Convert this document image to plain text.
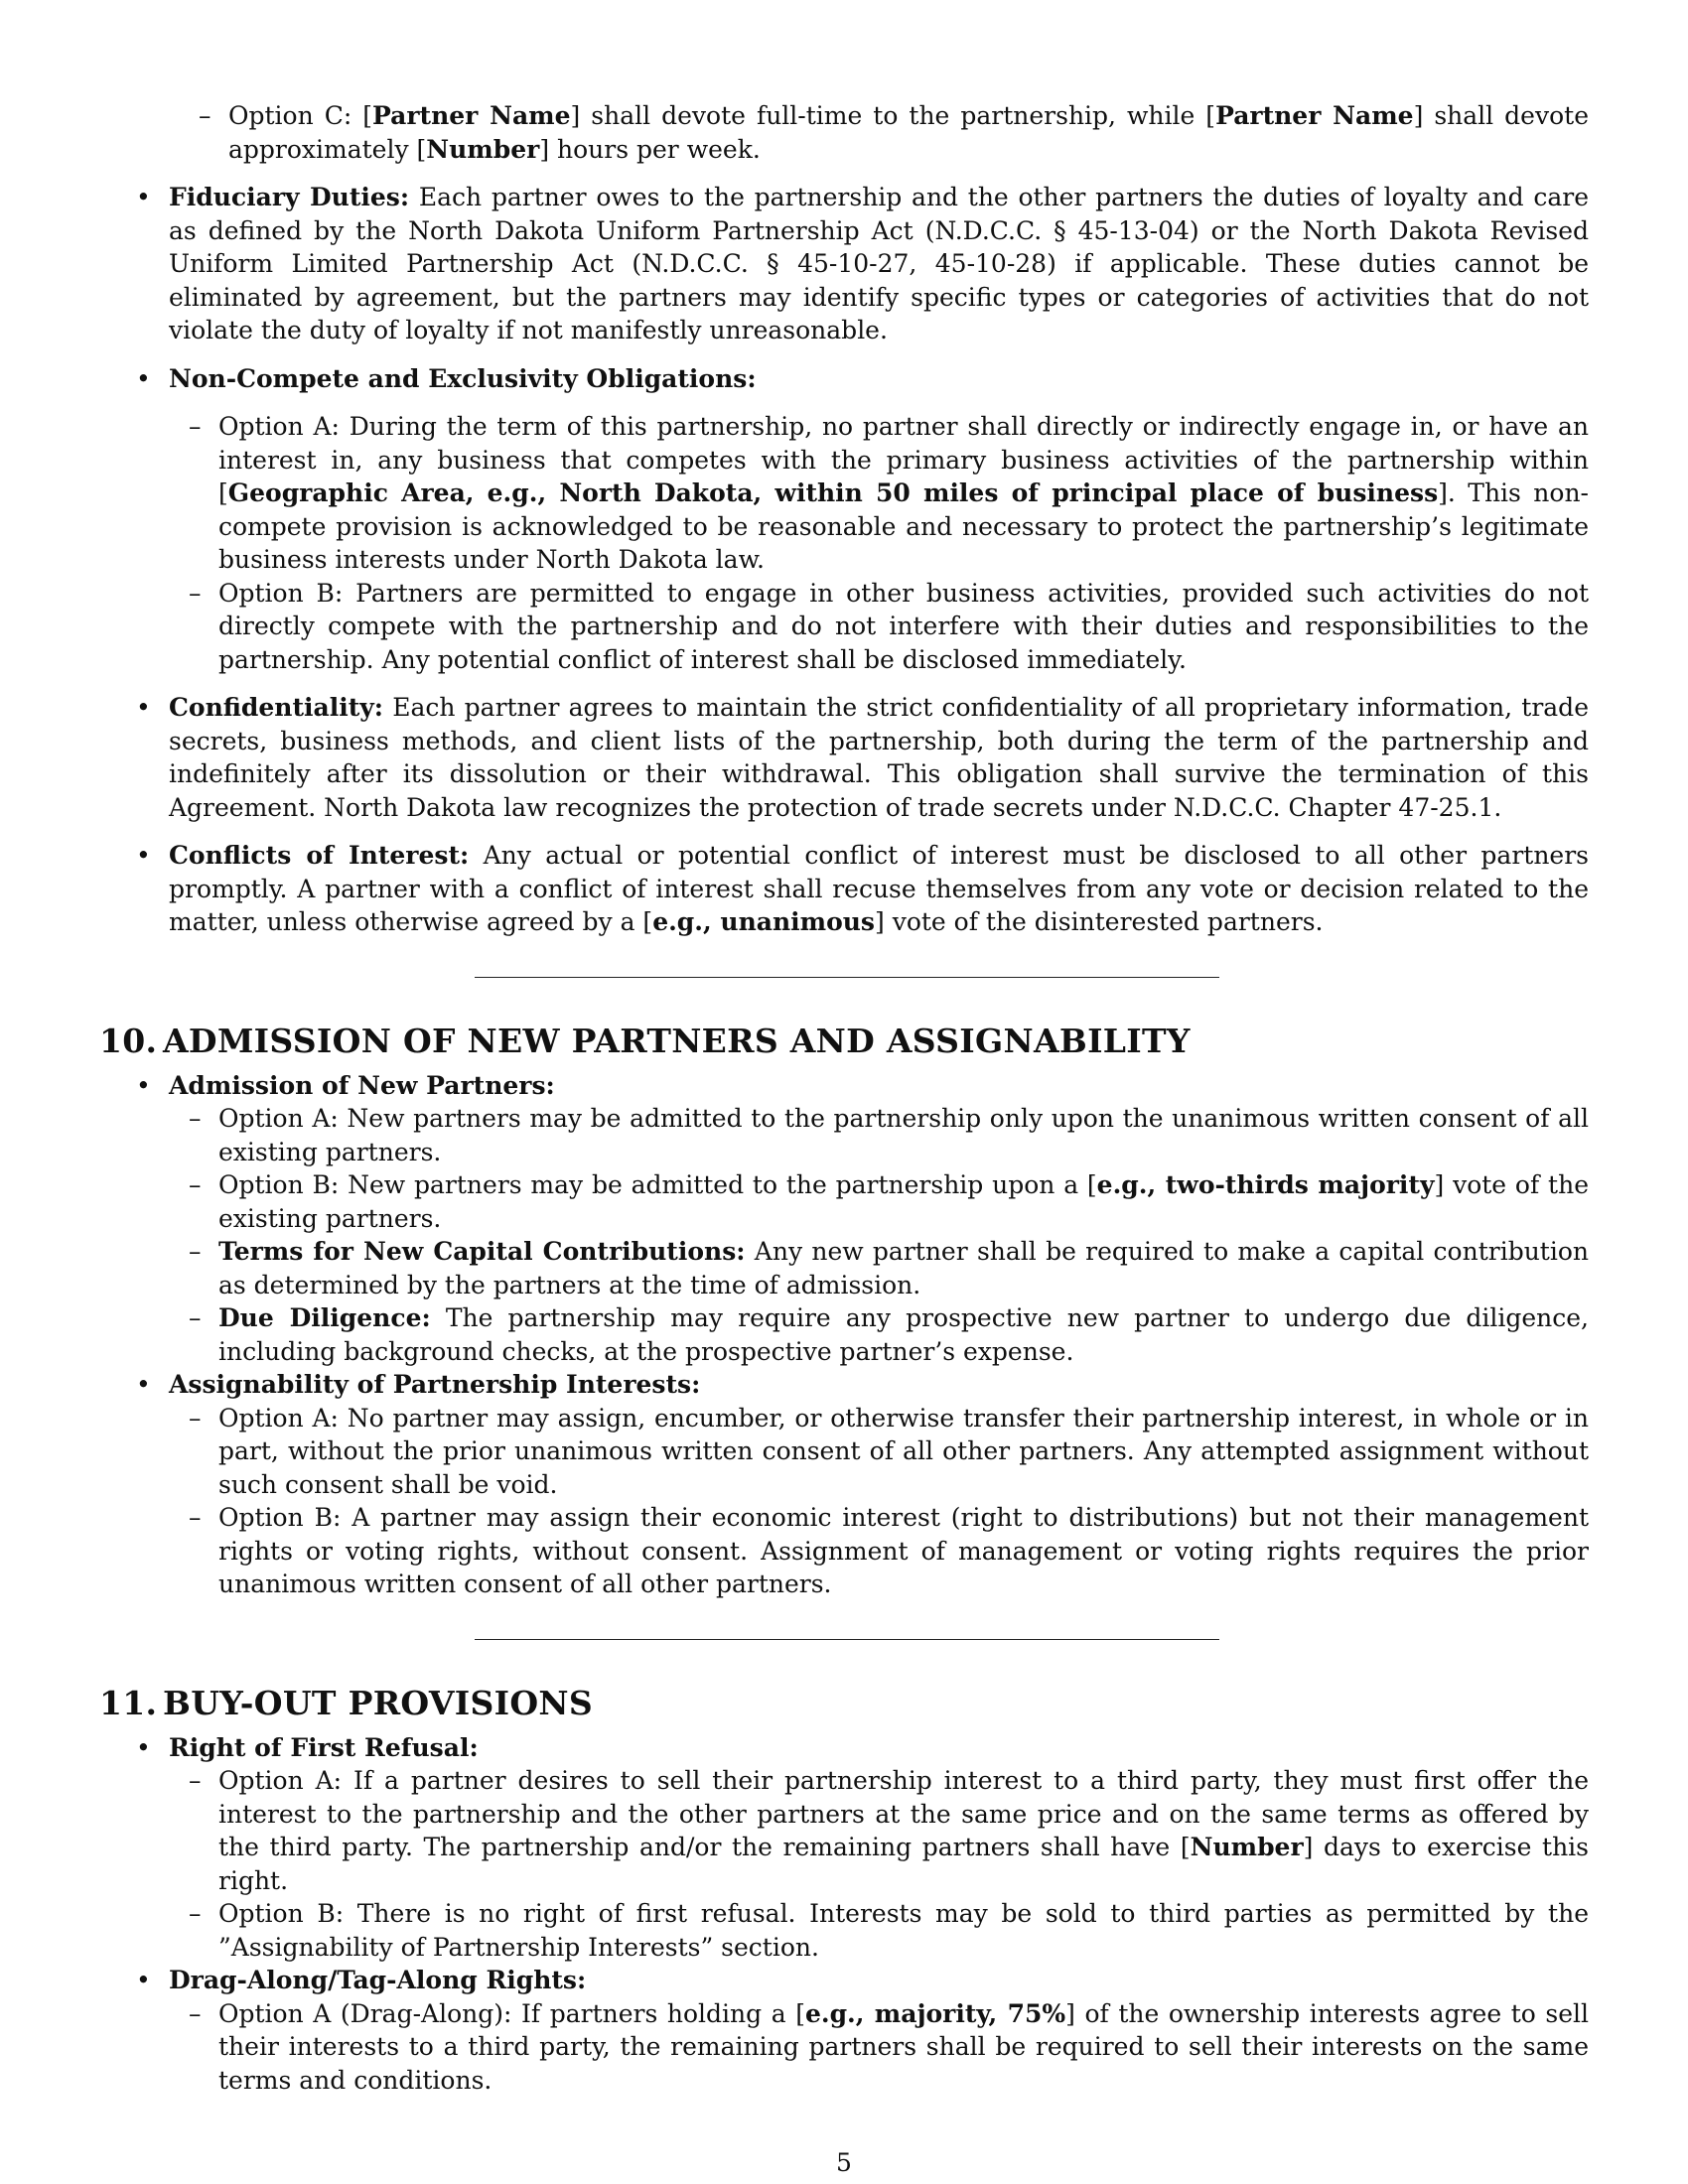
– Option C: [Partner Name] shall devote full-time to the partnership, while [Partner Name] shall devote approximately [Number] hours per week.
• Fiduciary Duties: Each partner owes to the partnership and the other partners the duties of loyalty and care as defined by the North Dakota Uniform Partnership Act (N.D.C.C. § 45-13-04) or the North Dakota Revised Uniform Limited Partnership Act (N.D.C.C. § 45-10-27, 45-10-28) if applicable. These duties cannot be eliminated by agreement, but the partners may identify specific types or categories of activities that do not violate the duty of loyalty if not manifestly unreasonable.
• Non-Compete and Exclusivity Obligations:
– Option A: During the term of this partnership, no partner shall directly or indirectly engage in, or have an interest in, any business that competes with the primary business activities of the partnership within [Geographic Area, e.g., North Dakota, within 50 miles of principal place of business]. This non-compete provision is acknowledged to be reasonable and necessary to protect the partnership’s legitimate business interests under North Dakota law.
– Option B: Partners are permitted to engage in other business activities, provided such activities do not directly compete with the partnership and do not interfere with their duties and responsibilities to the partnership. Any potential conflict of interest shall be disclosed immediately.
• Confidentiality: Each partner agrees to maintain the strict confidentiality of all proprietary information, trade secrets, business methods, and client lists of the partnership, both during the term of the partnership and indefinitely after its dissolution or their withdrawal. This obligation shall survive the termination of this Agreement. North Dakota law recognizes the protection of trade secrets under N.D.C.C. Chapter 47-25.1.
• Conflicts of Interest: Any actual or potential conflict of interest must be disclosed to all other partners promptly. A partner with a conflict of interest shall recuse themselves from any vote or decision related to the matter, unless otherwise agreed by a [e.g., unanimous] vote of the disinterested partners.
10. ADMISSION OF NEW PARTNERS AND ASSIGNABILITY
• Admission of New Partners:
– Option A: New partners may be admitted to the partnership only upon the unanimous written consent of all existing partners.
– Option B: New partners may be admitted to the partnership upon a [e.g., two-thirds majority] vote of the existing partners.
– Terms for New Capital Contributions: Any new partner shall be required to make a capital contribution as determined by the partners at the time of admission.
– Due Diligence: The partnership may require any prospective new partner to undergo due diligence, including background checks, at the prospective partner’s expense.
• Assignability of Partnership Interests:
– Option A: No partner may assign, encumber, or otherwise transfer their partnership interest, in whole or in part, without the prior unanimous written consent of all other partners. Any attempted assignment without such consent shall be void.
– Option B: A partner may assign their economic interest (right to distributions) but not their management rights or voting rights, without consent. Assignment of management or voting rights requires the prior unanimous written consent of all other partners.
11. BUY-OUT PROVISIONS
• Right of First Refusal:
– Option A: If a partner desires to sell their partnership interest to a third party, they must first offer the interest to the partnership and the other partners at the same price and on the same terms as offered by the third party. The partnership and/or the remaining partners shall have [Number] days to exercise this right.
– Option B: There is no right of first refusal. Interests may be sold to third parties as permitted by the ”Assignability of Partnership Interests” section.
• Drag-Along/Tag-Along Rights:
– Option A (Drag-Along): If partners holding a [e.g., majority, 75%] of the ownership interests agree to sell their interests to a third party, the remaining partners shall be required to sell their interests on the same terms and conditions.
5
